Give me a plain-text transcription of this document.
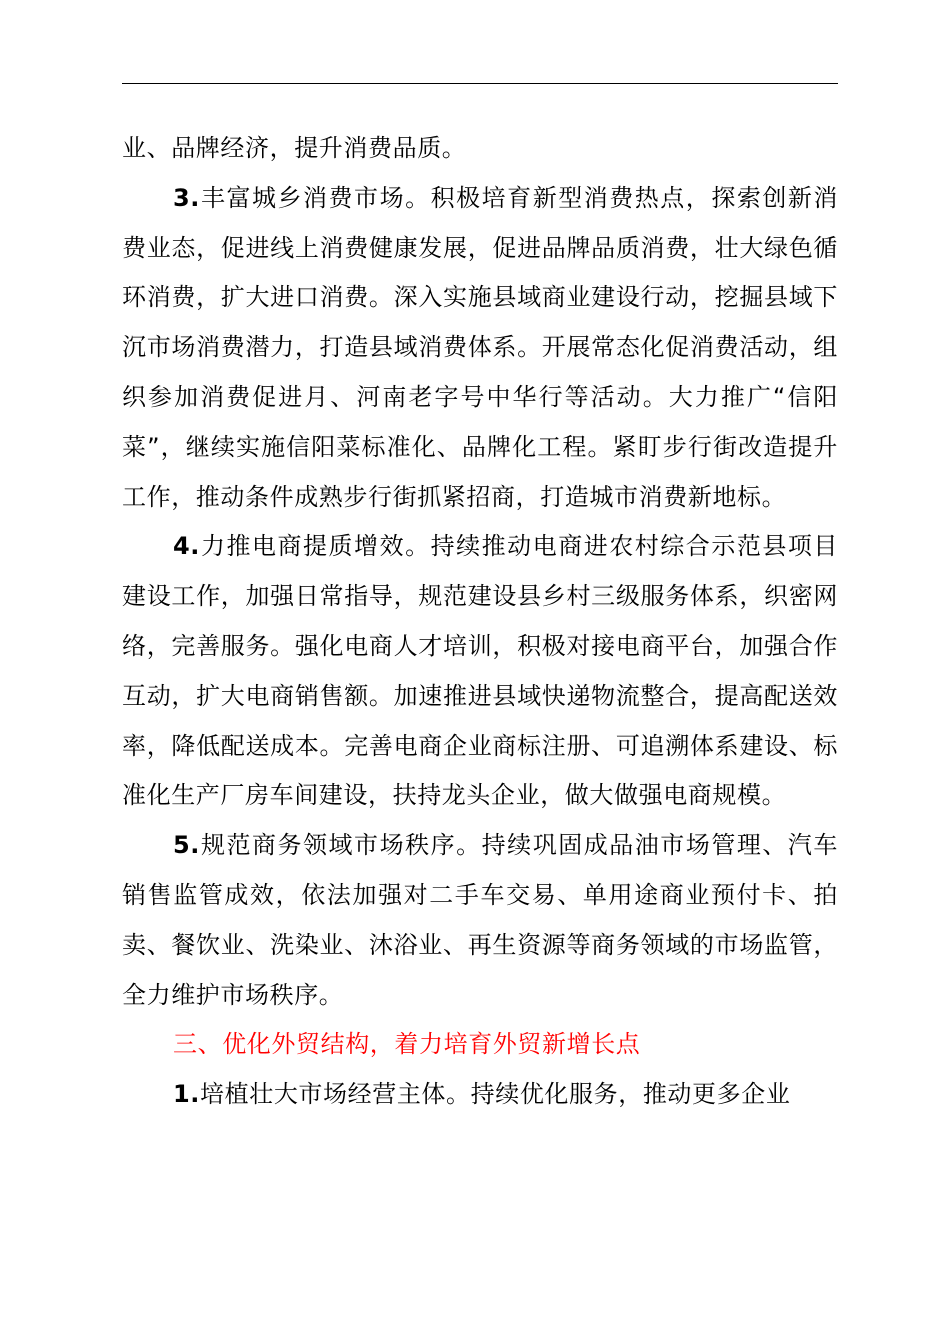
业、品牌经济，提升消费品质。

3.丰富城乡消费市场。积极培育新型消费热点，探索创新消费业态，促进线上消费健康发展，促进品牌品质消费，壮大绿色循环消费，扩大进口消费。深入实施县域商业建设行动，挖掘县域下沉市场消费潜力，打造县域消费体系。开展常态化促消费活动，组织参加消费促进月、河南老字号中华行等活动。大力推广“信阳菜”，继续实施信阳菜标准化、品牌化工程。紧盯步行街改造提升工作，推动条件成熟步行街抓紧招商，打造城市消费新地标。

4.力推电商提质增效。持续推动电商进农村综合示范县项目建设工作，加强日常指导，规范建设县乡村三级服务体系，织密网络，完善服务。强化电商人才培训，积极对接电商平台，加强合作互动，扩大电商销售额。加速推进县域快递物流整合，提高配送效率，降低配送成本。完善电商企业商标注册、可追溯体系建设、标准化生产厂房车间建设，扶持龙头企业，做大做强电商规模。

5.规范商务领域市场秩序。持续巩固成品油市场管理、汽车销售监管成效，依法加强对二手车交易、单用途商业预付卡、拍卖、餐饮业、洗染业、沐浴业、再生资源等商务领域的市场监管，全力维护市场秩序。

三、优化外贸结构，着力培育外贸新增长点

1.培植壮大市场经营主体。持续优化服务，推动更多企业
